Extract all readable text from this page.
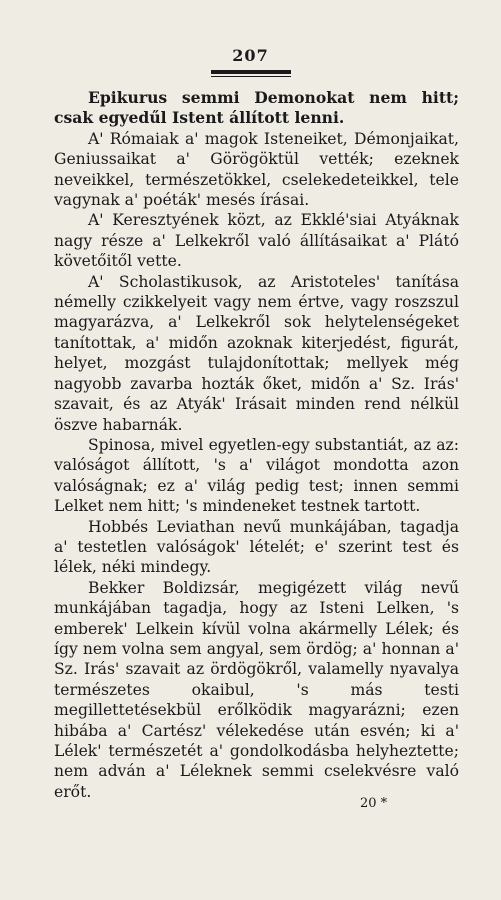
207

Epikurus semmi Demonokat nem hitt; csak egyedűl Istent állított lenni.

A' Rómaiak a' magok Isteneiket, Démonjaikat, Geniussaikat a' Görögöktül vették; ezeknek neveikkel, természetökkel, cselekedeteikkel, tele vagynak a' poéták' mesés írásai.

A' Keresztyének közt, az Ekklé'siai Atyáknak nagy része a' Lelkekről való állításaikat a' Plátó követőitől vette.

A' Scholastikusok, az Aristoteles' tanítása némelly czikkelyeit vagy nem értve, vagy roszszul magyarázva, a' Lelkekről sok helytelenségeket tanítottak, a' midőn azoknak kiterjedést, figurát, helyet, mozgást tulajdonítottak; mellyek még nagyobb zavarba hozták őket, midőn a' Sz. Irás' szavait, és az Atyák' Irásait minden rend nélkül öszve habarnák.

Spinosa, mivel egyetlen-egy substantiát, az az: valóságot állított, 's a' világot mondotta azon valóságnak; ez a' világ pedig test; innen semmi Lelket nem hitt; 's mindeneket testnek tartott.

Hobbés Leviathan nevű munkájában, tagadja a' testetlen valóságok' lételét; e' szerint test és lélek, néki mindegy.

Bekker Boldizsár, megigézett világ nevű munkájában tagadja, hogy az Isteni Lelken, 's emberek' Lelkein kívül volna akármelly Lélek; és így nem volna sem angyal, sem ördög; a' honnan a' Sz. Irás' szavait az ördögökről, valamelly nyavalya természetes okaibul, 's más testi megillettetésekbül erőlködik magyarázni; ezen hibába a' Cartész' vélekedése után esvén; ki a' Lélek' természetét a' gondolkodásba helyheztette; nem adván a' Léleknek semmi cselekvésre való erőt.

20 *
